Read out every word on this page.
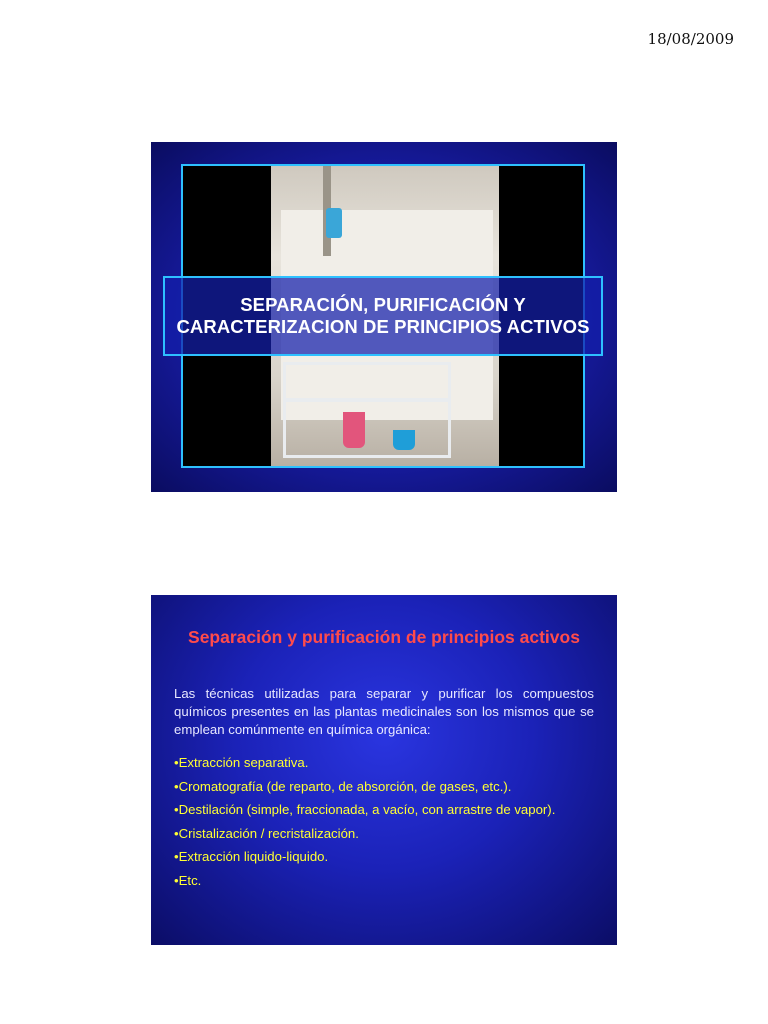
18/08/2009
SEPARACIÓN, PURIFICACIÓN Y
CARACTERIZACION DE PRINCIPIOS ACTIVOS
Separación y purificación de principios activos
Las técnicas utilizadas para separar y purificar los compuestos químicos presentes en las plantas medicinales son los mismos que se emplean comúnmente en química orgánica:
•Extracción separativa.
•Cromatografía (de reparto, de absorción, de gases, etc.).
•Destilación (simple, fraccionada, a vacío, con arrastre de vapor).
•Cristalización / recristalización.
•Extracción liquido-liquido.
•Etc.
